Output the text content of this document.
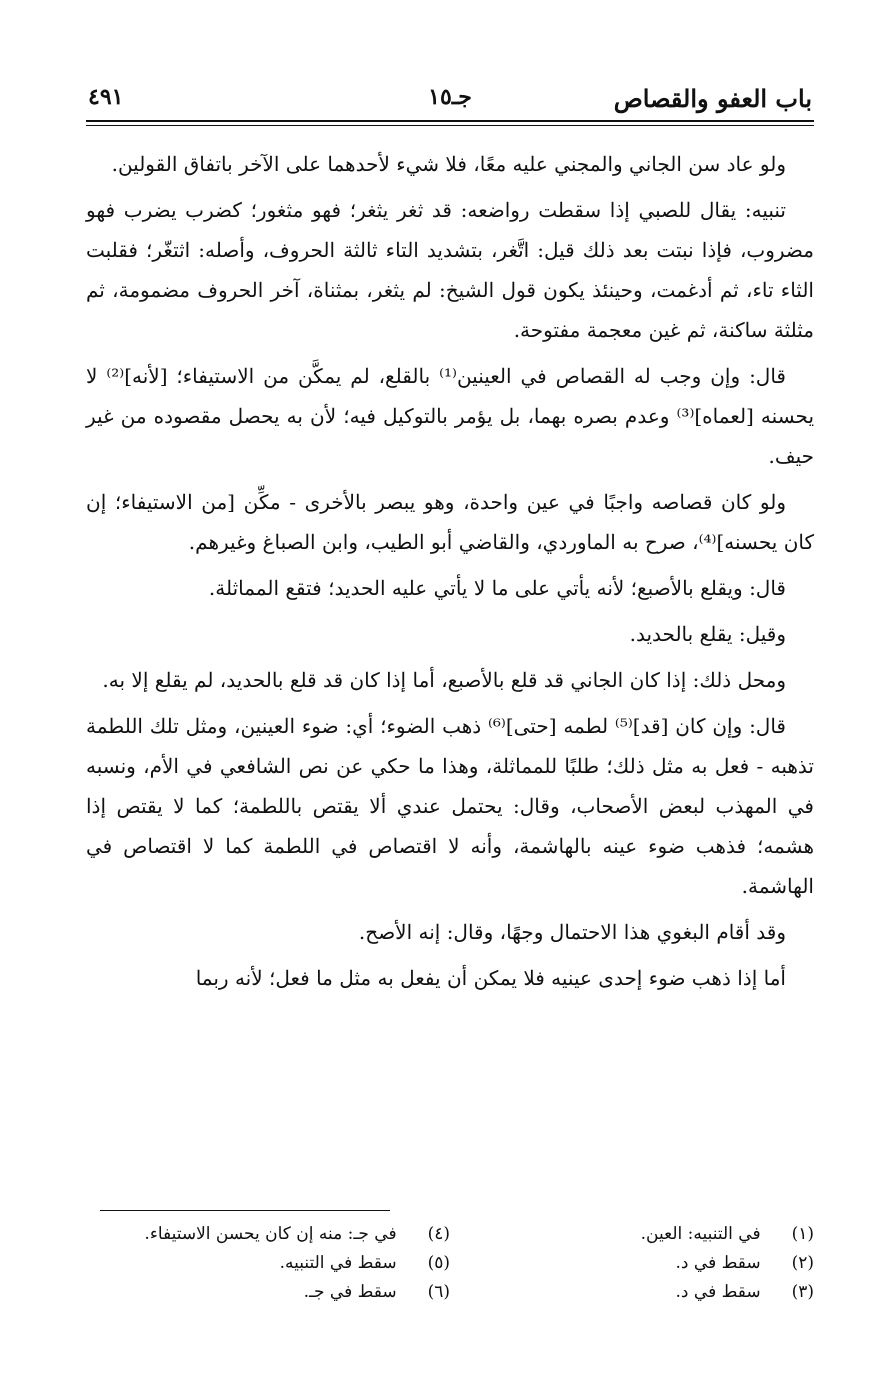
باب العفو والقصاص
جـ١٥
٤٩١

ولو عاد سن الجاني والمجني عليه معًا، فلا شيء لأحدهما على الآخر باتفاق القولين.

تنبيه: يقال للصبي إذا سقطت رواضعه: قد ثغر يثغر؛ فهو مثغور؛ كضرب يضرب فهو مضروب، فإذا نبتت بعد ذلك قيل: اتَّغر، بتشديد التاء ثالثة الحروف، وأصله: اثتغّر؛ فقلبت الثاء تاء، ثم أدغمت، وحينئذ يكون قول الشيخ: لم يثغر، بمثناة، آخر الحروف مضمومة، ثم مثلثة ساكنة، ثم غين معجمة مفتوحة.

قال: وإن وجب له القصاص في العينين⁽¹⁾ بالقلع، لم يمكَّن من الاستيفاء؛ [لأنه]⁽²⁾ لا يحسنه [لعماه]⁽³⁾ وعدم بصره بهما، بل يؤمر بالتوكيل فيه؛ لأن به يحصل مقصوده من غير حيف.

ولو كان قصاصه واجبًا في عين واحدة، وهو يبصر بالأخرى - مكِّن [من الاستيفاء؛ إن كان يحسنه]⁽⁴⁾، صرح به الماوردي، والقاضي أبو الطيب، وابن الصباغ وغيرهم.

قال: ويقلع بالأصبع؛ لأنه يأتي على ما لا يأتي عليه الحديد؛ فتقع المماثلة.

وقيل: يقلع بالحديد.

ومحل ذلك: إذا كان الجاني قد قلع بالأصبع، أما إذا كان قد قلع بالحديد، لم يقلع إلا به.

قال: وإن كان [قد]⁽⁵⁾ لطمه [حتى]⁽⁶⁾ ذهب الضوء؛ أي: ضوء العينين، ومثل تلك اللطمة تذهبه - فعل به مثل ذلك؛ طلبًا للمماثلة، وهذا ما حكي عن نص الشافعي في الأم، ونسبه في المهذب لبعض الأصحاب، وقال: يحتمل عندي ألا يقتص باللطمة؛ كما لا يقتص إذا هشمه؛ فذهب ضوء عينه بالهاشمة، وأنه لا اقتصاص في اللطمة كما لا اقتصاص في الهاشمة.

وقد أقام البغوي هذا الاحتمال وجهًا، وقال: إنه الأصح.

أما إذا ذهب ضوء إحدى عينيه فلا يمكن أن يفعل به مثل ما فعل؛ لأنه ربما

(١) في التنبيه: العين.
(٢) سقط في د.
(٣) سقط في د.
(٤) في جـ: منه إن كان يحسن الاستيفاء.
(٥) سقط في التنبيه.
(٦) سقط في جـ.
